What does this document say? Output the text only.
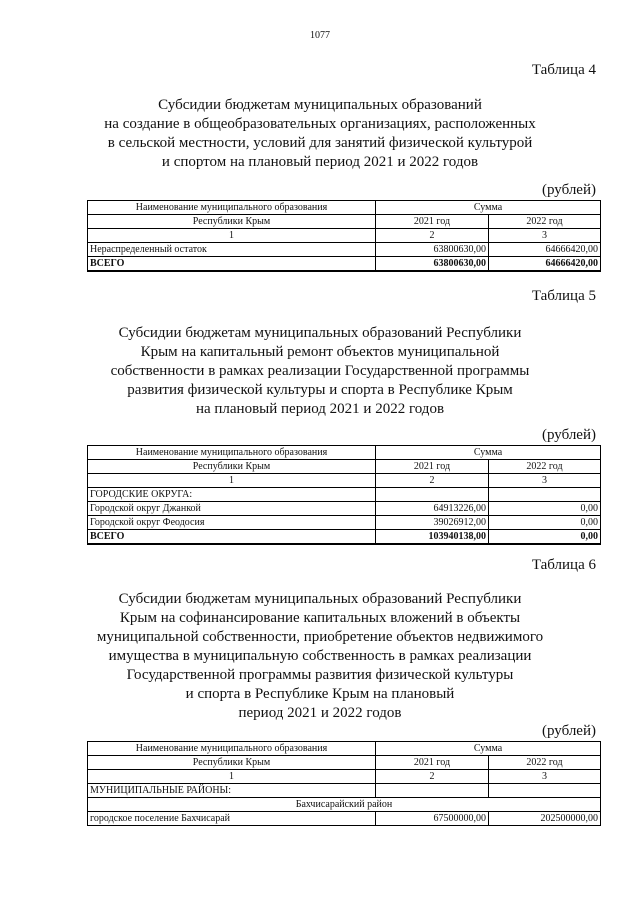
1077
Таблица 4
Субсидии бюджетам муниципальных образований
на создание в общеобразовательных организациях, расположенных
в сельской местности, условий для занятий физической культурой
и спортом на плановый период 2021 и 2022 годов
(рублей)
Наименование муниципального образования	Сумма	
Республики Крым	2021 год	2022 год
1	2	3
Нераспределенный остаток	63800630,00	64666420,00
ВСЕГО	63800630,00	64666420,00
Таблица 5
Субсидии бюджетам муниципальных образований Республики
Крым на капитальный ремонт объектов муниципальной
собственности в рамках реализации Государственной программы
развития физической культуры и спорта в Республике Крым
на плановый период 2021 и 2022 годов
(рублей)
Наименование муниципального образования	Сумма	
Республики Крым	2021 год	2022 год
1	2	3
ГОРОДСКИЕ ОКРУГА:		
Городской округ Джанкой	64913226,00	0,00
Городской округ Феодосия	39026912,00	0,00
ВСЕГО	103940138,00	0,00
Таблица 6
Субсидии бюджетам муниципальных образований Республики
Крым на софинансирование капитальных вложений в объекты
муниципальной собственности, приобретение объектов недвижимого
имущества в муниципальную собственность в рамках реализации
Государственной программы развития физической культуры
и спорта в Республике Крым на плановый
период 2021 и 2022 годов
(рублей)
Наименование муниципального образования	Сумма	
Республики Крым	2021 год	2022 год
1	2	3
МУНИЦИПАЛЬНЫЕ РАЙОНЫ:		
Бахчисарайский район		
городское поселение Бахчисарай	67500000,00	202500000,00
